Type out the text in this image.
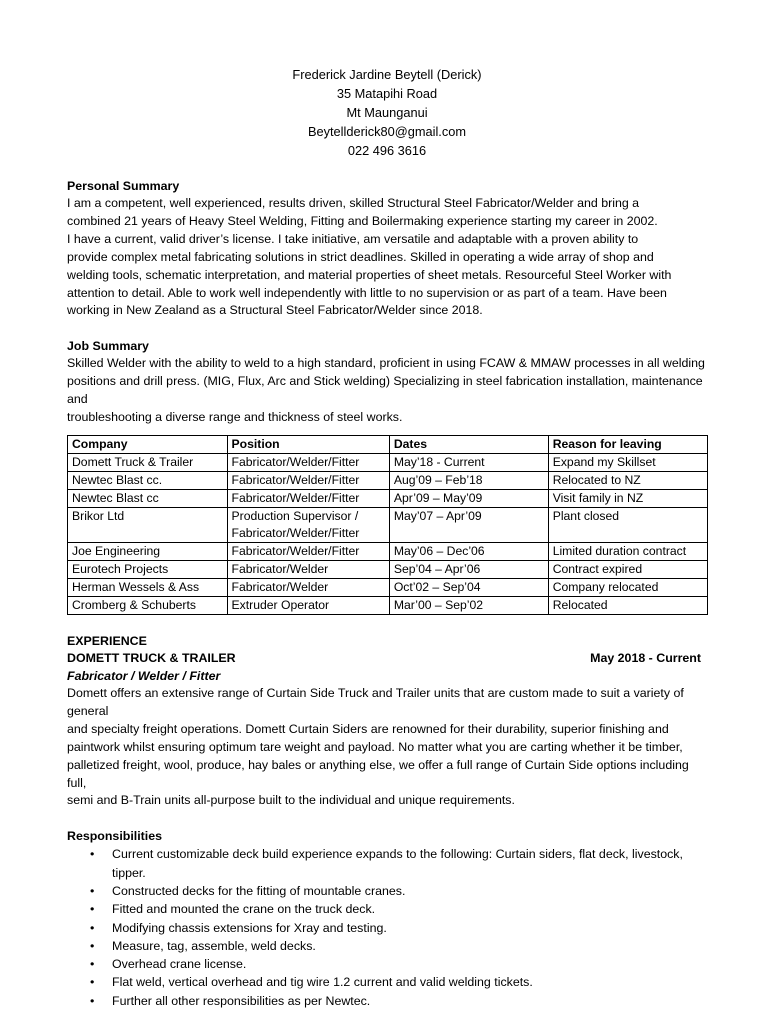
Frederick Jardine Beytell (Derick)
35 Matapihi Road
Mt Maunganui
Beytellderick80@gmail.com
022 496 3616
Personal Summary
I am a competent, well experienced, results driven, skilled Structural Steel Fabricator/Welder and bring a
combined 21 years of Heavy Steel Welding, Fitting and Boilermaking experience starting my career in 2002.
I have a current, valid driver’s license. I take initiative, am versatile and adaptable with a proven ability to
provide complex metal fabricating solutions in strict deadlines. Skilled in operating a wide array of shop and
welding tools, schematic interpretation, and material properties of sheet metals. Resourceful Steel Worker with
attention to detail. Able to work well independently with little to no supervision or as part of a team. Have been
working in New Zealand as a Structural Steel Fabricator/Welder since 2018.
Job Summary
Skilled Welder with the ability to weld to a high standard, proficient in using FCAW & MMAW processes in all welding
positions and drill press. (MIG, Flux, Arc and Stick welding) Specializing in steel fabrication installation, maintenance and
troubleshooting a diverse range and thickness of steel works.
Company	Position	Dates	Reason for leaving
Domett Truck & Trailer	Fabricator/Welder/Fitter	May’18 - Current	Expand my Skillset
Newtec Blast cc.	Fabricator/Welder/Fitter	Aug’09 – Feb’18	Relocated to NZ
Newtec Blast cc	Fabricator/Welder/Fitter	Apr’09 – May’09	Visit family in NZ
Brikor Ltd	Production Supervisor /
Fabricator/Welder/Fitter	May’07 – Apr’09	Plant closed
Joe Engineering	Fabricator/Welder/Fitter	May’06 – Dec’06	Limited duration contract
Eurotech Projects	Fabricator/Welder	Sep’04 – Apr’06	Contract expired
Herman Wessels & Ass	Fabricator/Welder	Oct’02 – Sep’04	Company relocated
Cromberg & Schuberts	Extruder Operator	Mar’00 – Sep’02	Relocated
EXPERIENCE
DOMETT TRUCK & TRAILER	May 2018 - Current
Fabricator / Welder / Fitter
Domett offers an extensive range of Curtain Side Truck and Trailer units that are custom made to suit a variety of general
and specialty freight operations. Domett Curtain Siders are renowned for their durability, superior finishing and
paintwork whilst ensuring optimum tare weight and payload. No matter what you are carting whether it be timber,
palletized freight, wool, produce, hay bales or anything else, we offer a full range of Curtain Side options including full,
semi and B-Train units all-purpose built to the individual and unique requirements.
Responsibilities
• Current customizable deck build experience expands to the following: Curtain siders, flat deck, livestock, tipper.
• Constructed decks for the fitting of mountable cranes.
• Fitted and mounted the crane on the truck deck.
• Modifying chassis extensions for Xray and testing.
• Measure, tag, assemble, weld decks.
• Overhead crane license.
• Flat weld, vertical overhead and tig wire 1.2 current and valid welding tickets.
• Further all other responsibilities as per Newtec.
